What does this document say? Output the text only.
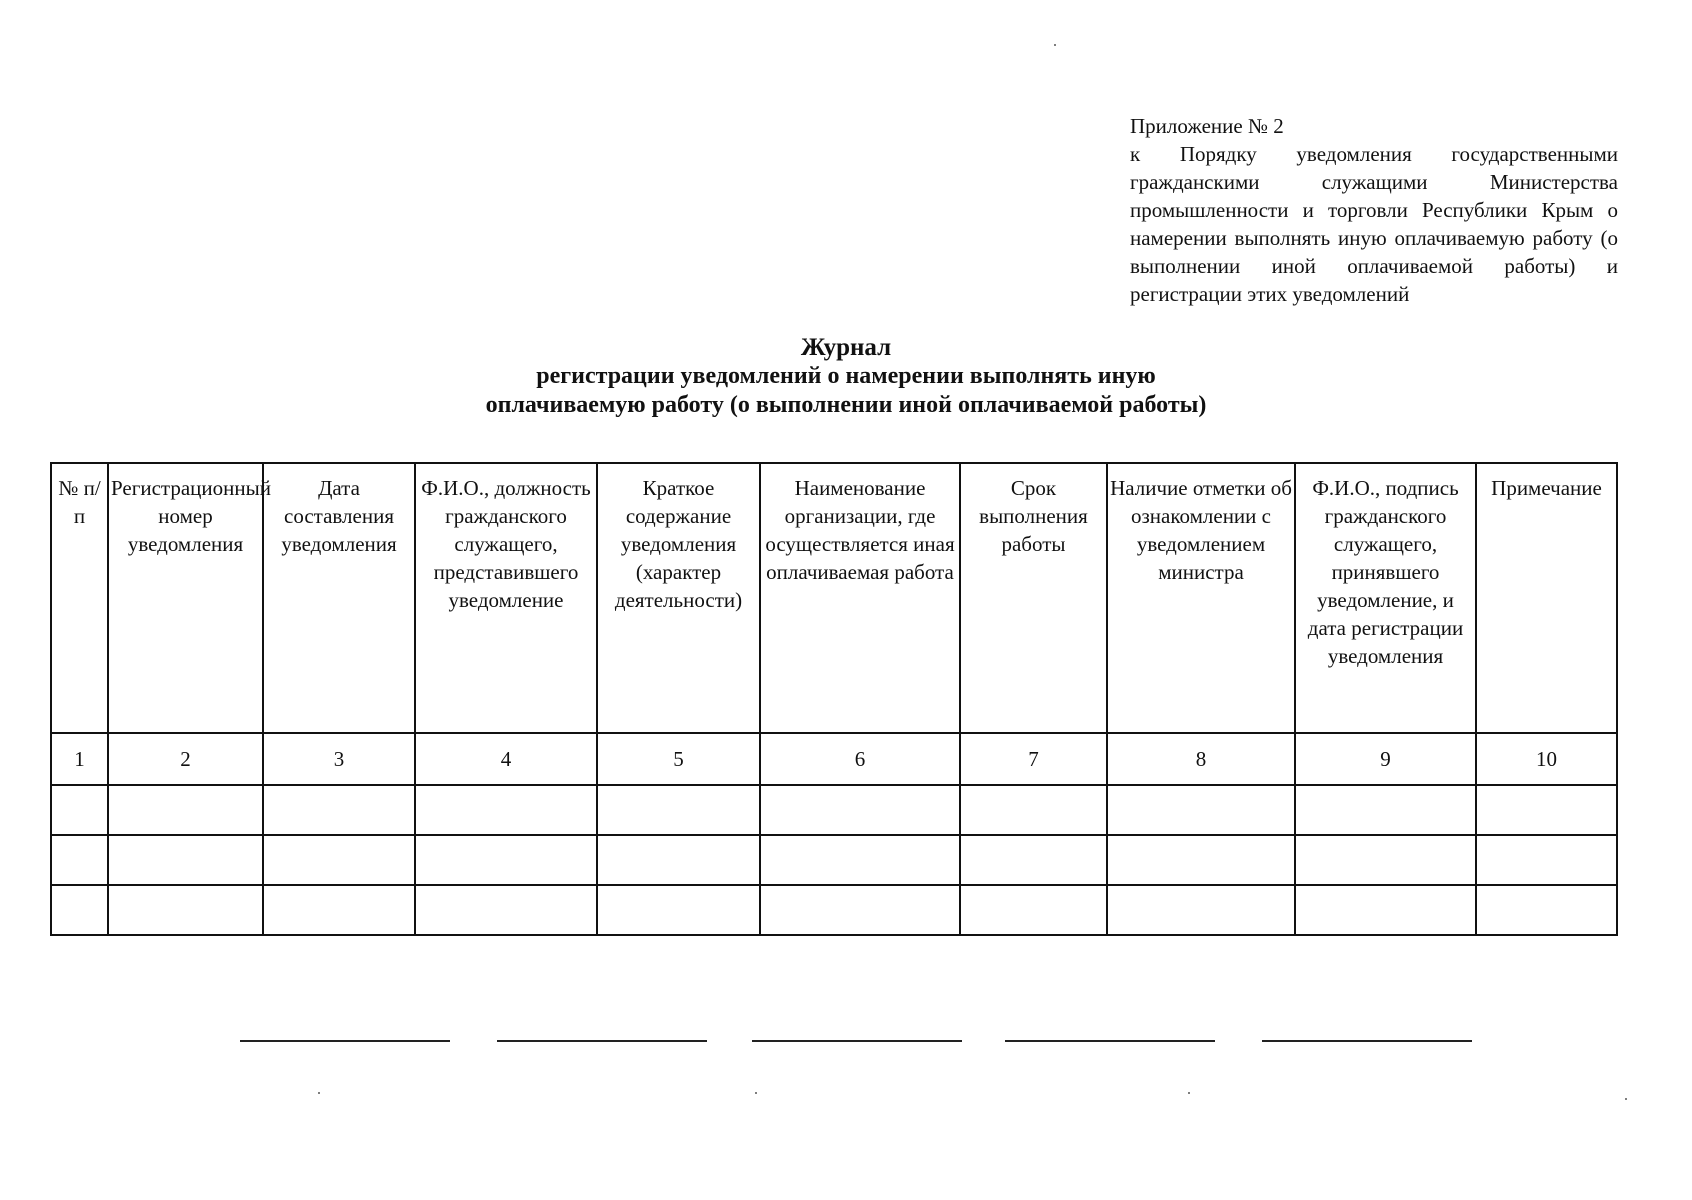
Приложение № 2
к Порядку уведомления государственными гражданскими служащими Министерства промышленности и торговли Республики Крым о намерении выполнять иную оплачиваемую работу (о выполнении иной оплачиваемой работы) и регистрации этих уведомлений
Журнал
регистрации уведомлений о намерении выполнять иную
оплачиваемую работу (о выполнении иной оплачиваемой работы)
№ п/п	Регистрационный номер уведомления	Дата составления уведомления	Ф.И.О., должность гражданского служащего, представившего уведомление	Краткое содержание уведомления (характер деятельности)	Наименование организации, где осуществляется иная оплачиваемая работа	Срок выполнения работы	Наличие отметки об ознакомлении с уведомлением министра	Ф.И.О., подпись гражданского служащего, принявшего уведомление, и дата регистрации уведомления	Примечание
1	2	3	4	5	6	7	8	9	10
